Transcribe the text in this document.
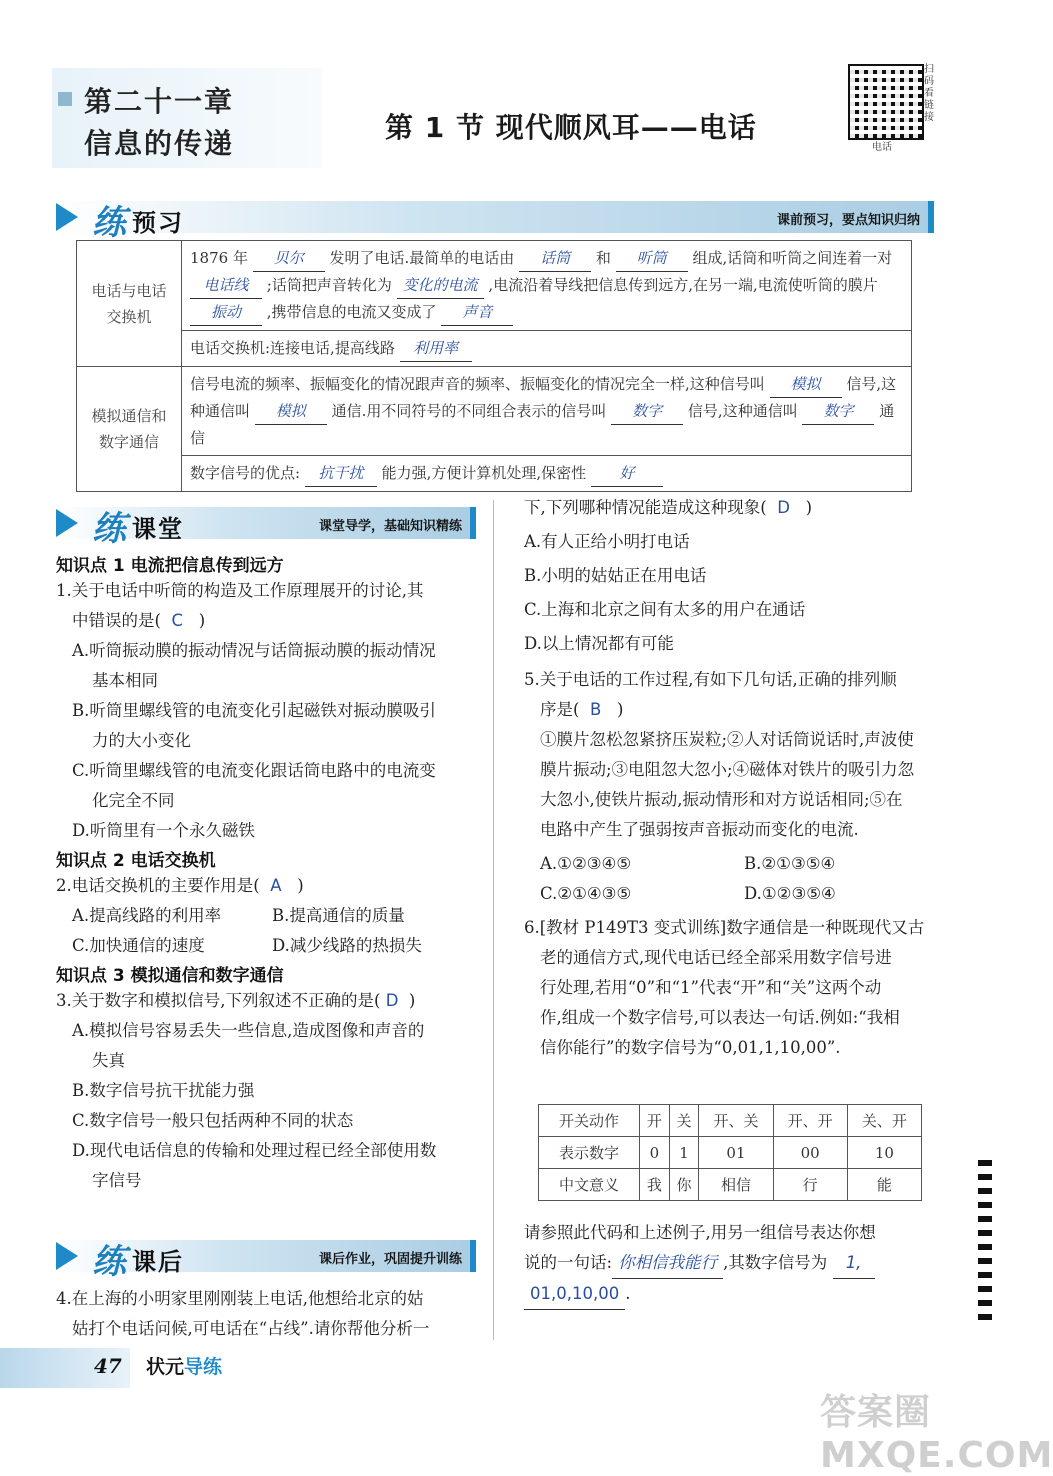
第二十一章
信息的传递	第 1 节 现代顺风耳——电话
扫码看链接
电话
练 预习	课前预习，要点知识归纳
电话与电话交换机	1876 年 贝尔 发明了电话.最简单的电话由 话筒 和 听筒 组成,话筒和听筒之间连着一对 电话线 ;话筒把声音转化为 变化的电流 ,电流沿着导线把信息传到远方,在另一端,电流使听筒的膜片 振动 ,携带信息的电流又变成了 声音
	电话交换机:连接电话,提高线路 利用率
模拟通信和数字通信	信号电流的频率、振幅变化的情况跟声音的频率、振幅变化的情况完全一样,这种信号叫 模拟 信号,这种通信叫 模拟 通信.用不同符号的不同组合表示的信号叫 数字 信号,这种通信叫 数字 通信
	数字信号的优点: 抗干扰 能力强,方便计算机处理,保密性 好
练 课堂	课堂导学，基础知识精练
知识点 1 电流把信息传到远方
1.关于电话中听筒的构造及工作原理展开的讨论,其
中错误的是( C )
A.听筒振动膜的振动情况与话筒振动膜的振动情况
基本相同
B.听筒里螺线管的电流变化引起磁铁对振动膜吸引
力的大小变化
C.听筒里螺线管的电流变化跟话筒电路中的电流变
化完全不同
D.听筒里有一个永久磁铁
知识点 2 电话交换机
2.电话交换机的主要作用是( A )
A.提高线路的利用率	B.提高通信的质量
C.加快通信的速度	D.减少线路的热损失
知识点 3 模拟通信和数字通信
3.关于数字和模拟信号,下列叙述不正确的是( D )
A.模拟信号容易丢失一些信息,造成图像和声音的
失真
B.数字信号抗干扰能力强
C.数字信号一般只包括两种不同的状态
D.现代电话信息的传输和处理过程已经全部使用数
字信号
练 课后	课后作业，巩固提升训练
4.在上海的小明家里刚刚装上电话,他想给北京的姑
姑打个电话问候,可电话在“占线”.请你帮他分析一
下,下列哪种情况能造成这种现象( D )
A.有人正给小明打电话
B.小明的姑姑正在用电话
C.上海和北京之间有太多的用户在通话
D.以上情况都有可能
5.关于电话的工作过程,有如下几句话,正确的排列顺
序是( B )
①膜片忽松忽紧挤压炭粒;②人对话筒说话时,声波使
膜片振动;③电阻忽大忽小;④磁体对铁片的吸引力忽
大忽小,使铁片振动,振动情形和对方说话相同;⑤在
电路中产生了强弱按声音振动而变化的电流.
A.①②③④⑤	B.②①③⑤④
C.②①④③⑤	D.①②③⑤④
6.[教材 P149T3 变式训练]数字通信是一种既现代又古
老的通信方式,现代电话已经全部采用数字信号进
行处理,若用“0”和“1”代表“开”和“关”这两个动
作,组成一个数字信号,可以表达一句话.例如:“我相
信你能行”的数字信号为“0,01,1,10,00”.
开关动作	开	关	开、关	开、开	关、开
表示数字	0	1	01	00	10
中文意义	我	你	相信	行	能
请参照此代码和上述例子,用另一组信号表达你想
说的一句话: 你相信我能行 ,其数字信号为 1,
01,0,10,00 .
47 状元导练
答案圈 MXQE.COM
